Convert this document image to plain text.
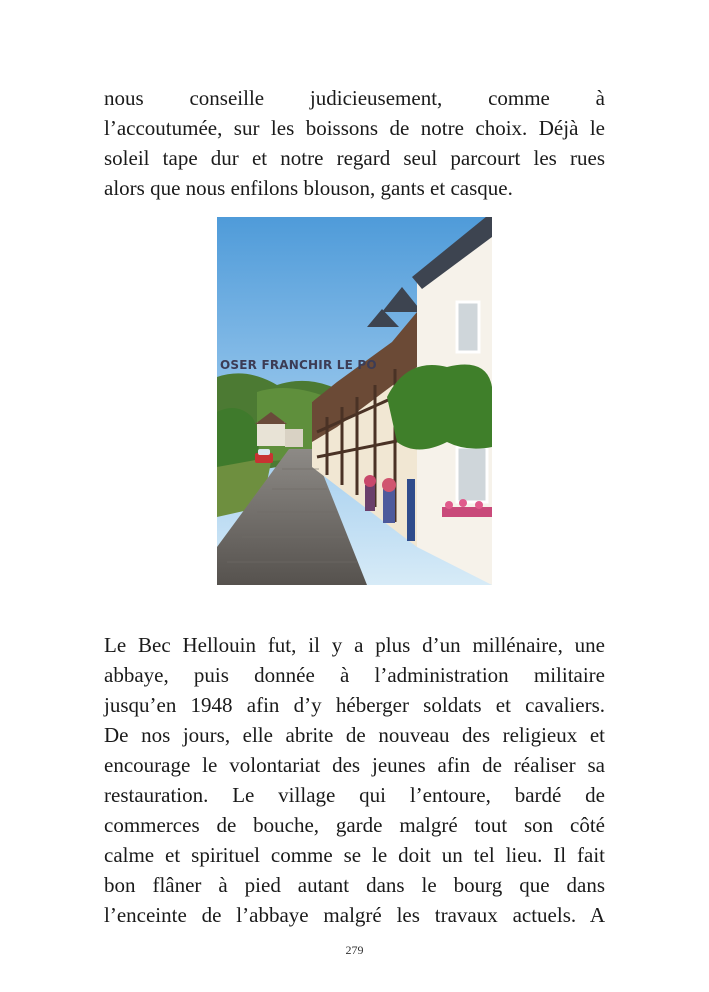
nous conseille judicieusement, comme à
l’accoutumée, sur les boissons de notre choix. Déjà le
soleil tape dur et notre regard seul parcourt les rues
alors que nous enfilons blouson, gants et casque.
OSER FRANCHIR LE PO
Le Bec Hellouin fut, il y a plus d’un millénaire, une
abbaye, puis donnée à l’administration militaire
jusqu’en 1948 afin d’y héberger soldats et cavaliers.
De nos jours, elle abrite de nouveau des religieux et
encourage le volontariat des jeunes afin de réaliser sa
restauration. Le village qui l’entoure, bardé de
commerces de bouche, garde malgré tout son côté
calme et spirituel comme se le doit un tel lieu. Il fait
bon flâner à pied autant dans le bourg que dans
l’enceinte de l’abbaye malgré les travaux actuels. A
279
